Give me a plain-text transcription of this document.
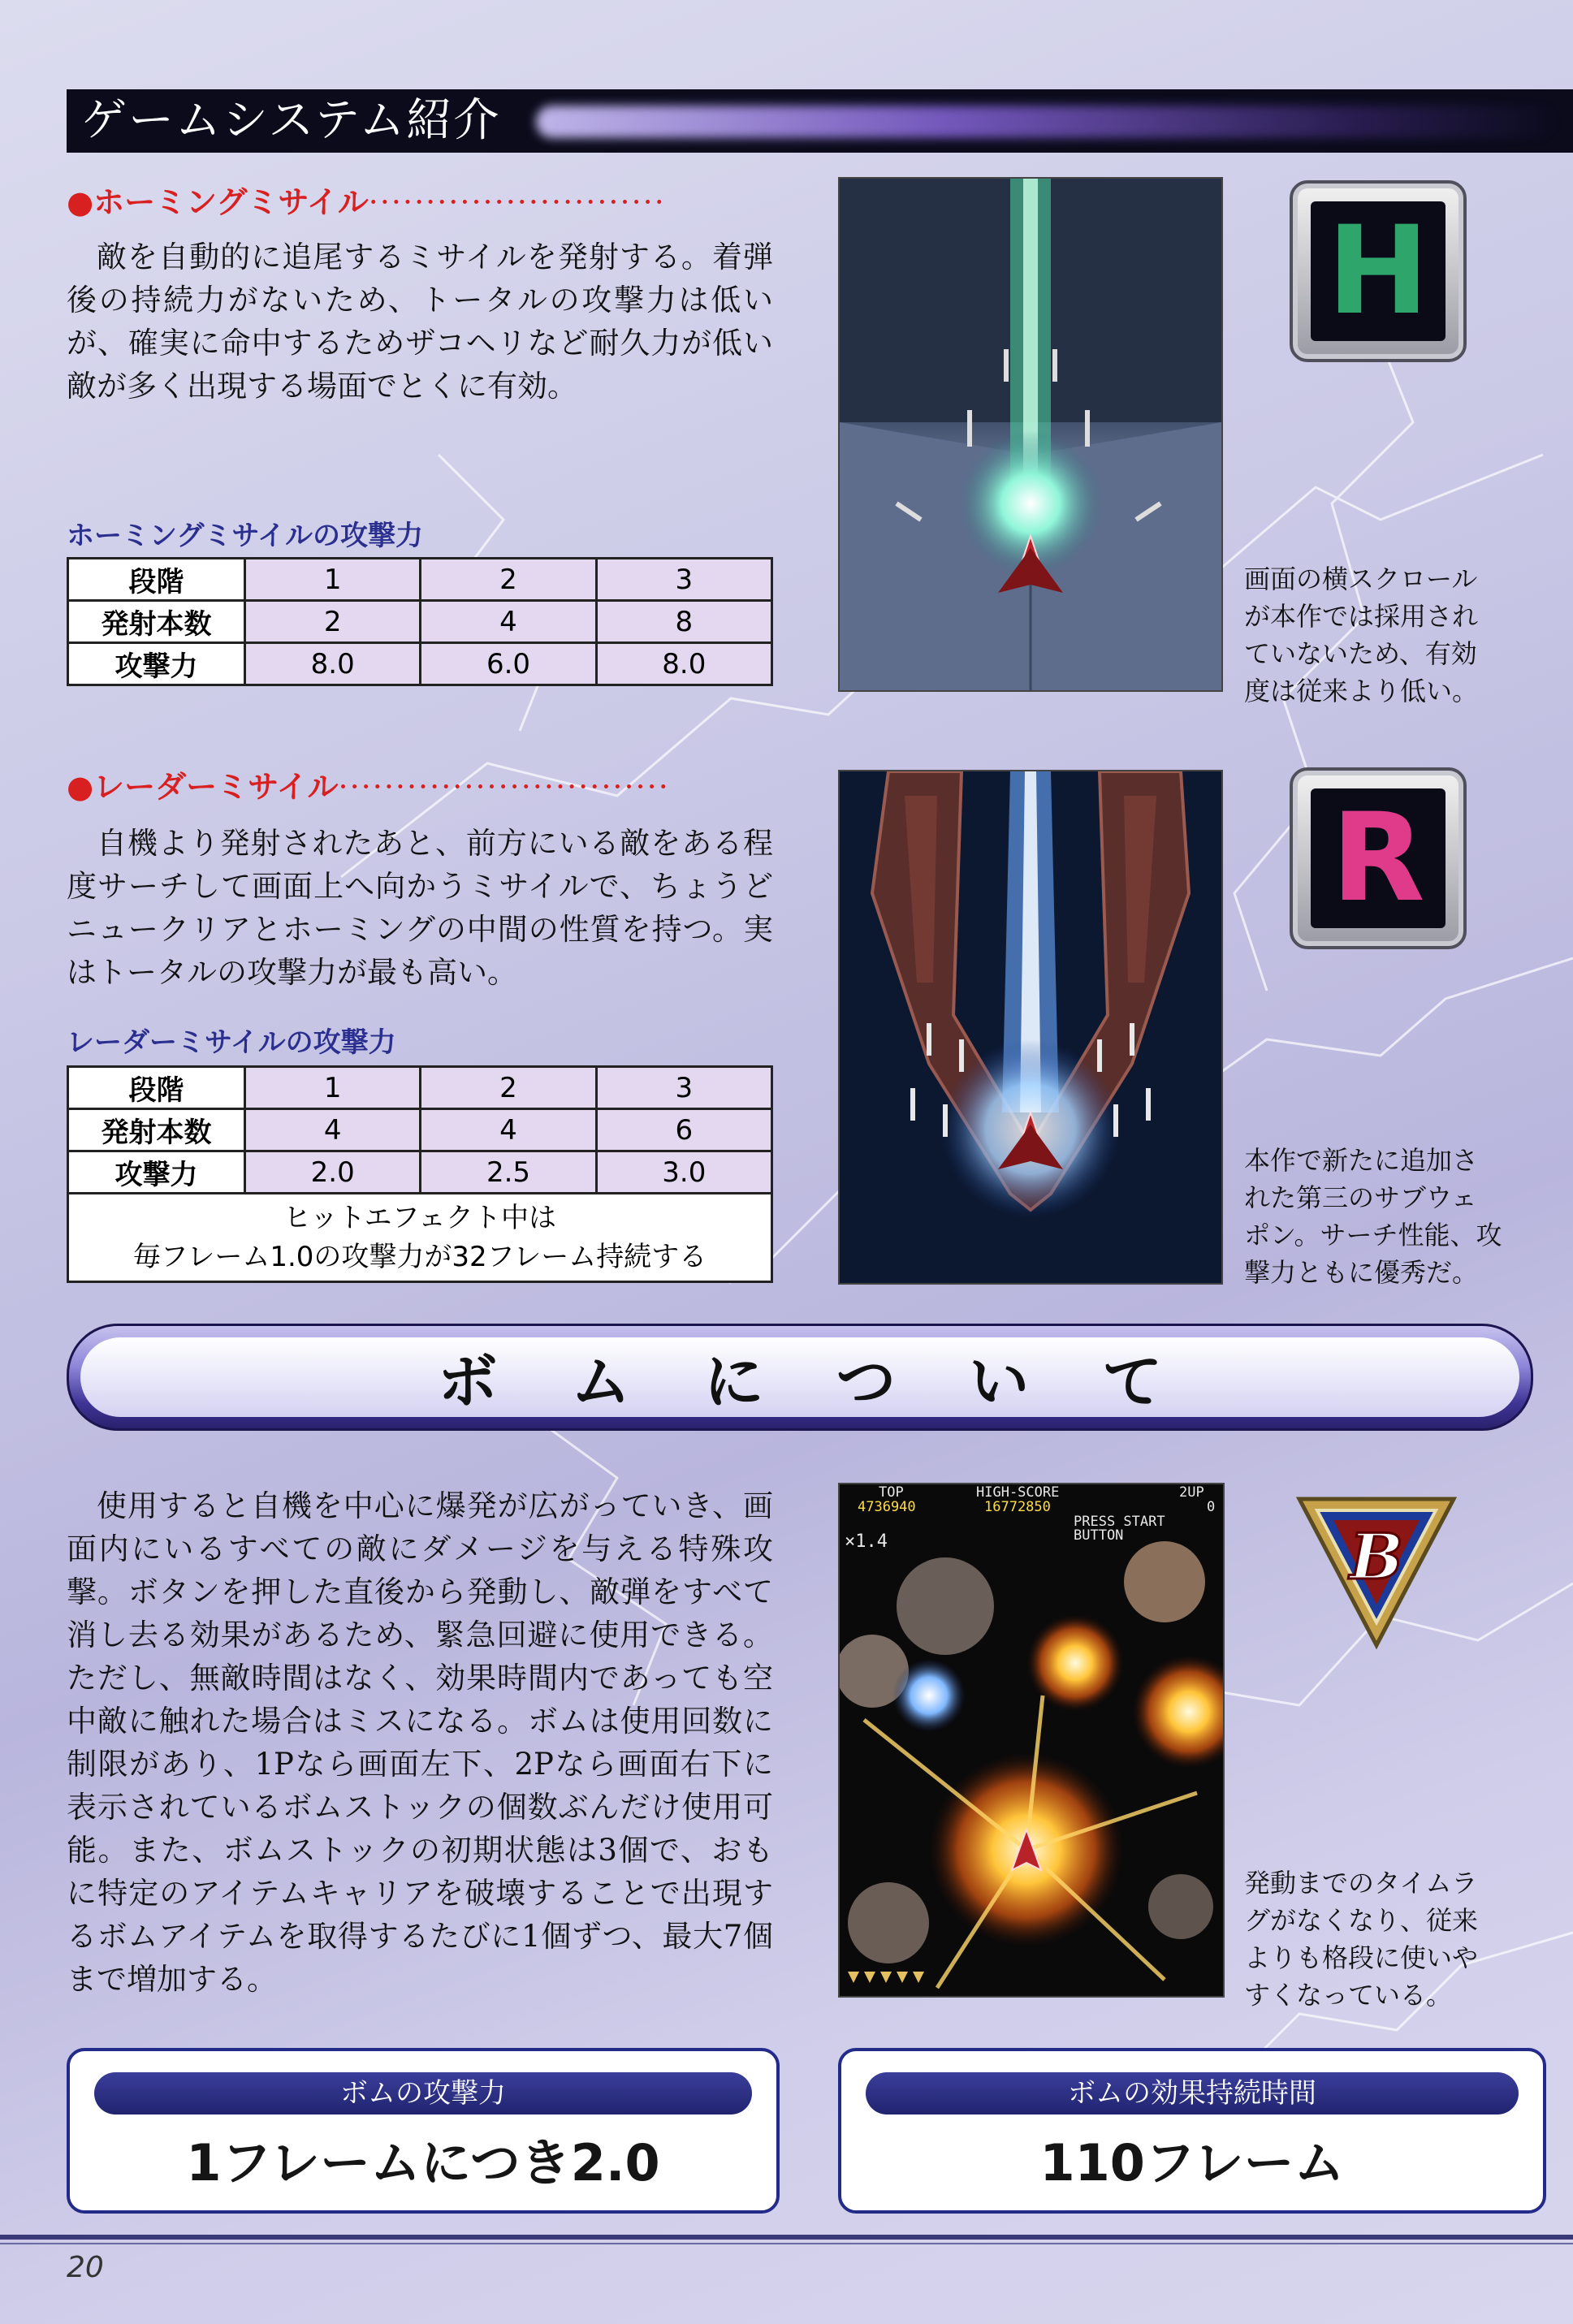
ゲームシステム紹介
●ホーミングミサイル··························

敵を自動的に追尾するミサイルを発射する。着弾後の持続力がないため、トータルの攻撃力は低いが、確実に命中するためザコヘリなど耐久力が低い敵が多く出現する場面でとくに有効。

ホーミングミサイルの攻撃力
段階	1	2	3
発射本数	2	4	8
攻撃力	8.0	6.0	8.0
H
画面の横スクロール
が本作では採用され
ていないため、有効
度は従来より低い。
●レーダーミサイル·····························

自機より発射されたあと、前方にいる敵をある程度サーチして画面上へ向かうミサイルで、ちょうどニュークリアとホーミングの中間の性質を持つ。実はトータルの攻撃力が最も高い。

レーダーミサイルの攻撃力
段階	1	2	3
発射本数	4	4	6
攻撃力	2.0	2.5	3.0

ヒットエフェクト中は
毎フレーム1.0の攻撃力が32フレーム持続する			
R
本作で新たに追加さ
れた第三のサブウェ
ポン。サーチ性能、攻
撃力ともに優秀だ。
ボムについて

使用すると自機を中心に爆発が広がっていき、画面内にいるすべての敵にダメージを与える特殊攻撃。ボタンを押した直後から発動し、敵弾をすべて消し去る効果があるため、緊急回避に使用できる。ただし、無敵時間はなく、効果時間内であっても空中敵に触れた場合はミスになる。ボムは使用回数に制限があり、1Pなら画面左下、2Pなら画面右下に表示されているボムストックの個数ぶんだけ使用可能。また、ボムストックの初期状態は3個で、おもに特定のアイテムキャリアを破壊することで出現するボムアイテムを取得するたびに1個ずつ、最大7個まで増加する。

TOP
4736940
HIGH-SCORE
16772850
2UP
0
PRESS START BUTTON
×1.4	B
発動までのタイムラ
グがなくなり、従来
よりも格段に使いや
すくなっている。
ボムの攻撃力
1フレームにつき2.0
ボムの効果持続時間
110フレーム
20
